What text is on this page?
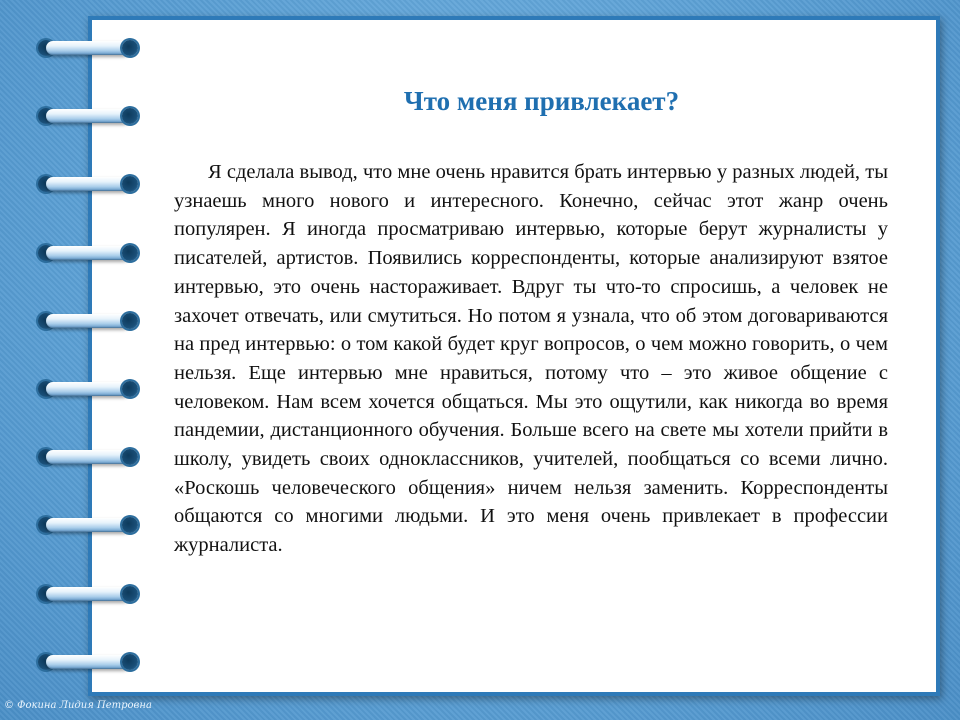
Что меня привлекает?

Я сделала вывод, что мне очень нравится брать интервью у разных людей, ты узнаешь много нового и интересного. Конечно, сейчас этот жанр очень популярен. Я иногда просматриваю интервью, которые берут журналисты у писателей, артистов. Появились корреспонденты, которые анализируют взятое интервью, это очень настораживает. Вдруг ты что-то спросишь, а человек не захочет отвечать, или смутиться. Но потом я узнала, что об этом договариваются на пред интервью: о том какой будет круг вопросов, о чем можно говорить, о чем нельзя. Еще интервью мне нравиться, потому что – это живое общение с человеком. Нам всем хочется общаться. Мы это ощутили, как никогда во время пандемии, дистанционного обучения. Больше всего на свете мы хотели прийти в школу, увидеть своих одноклассников, учителей, пообщаться со всеми лично. «Роскошь человеческого общения» ничем нельзя заменить. Корреспонденты общаются со многими людьми. И это меня очень привлекает в профессии журналиста.

© Фокина Лидия Петровна
